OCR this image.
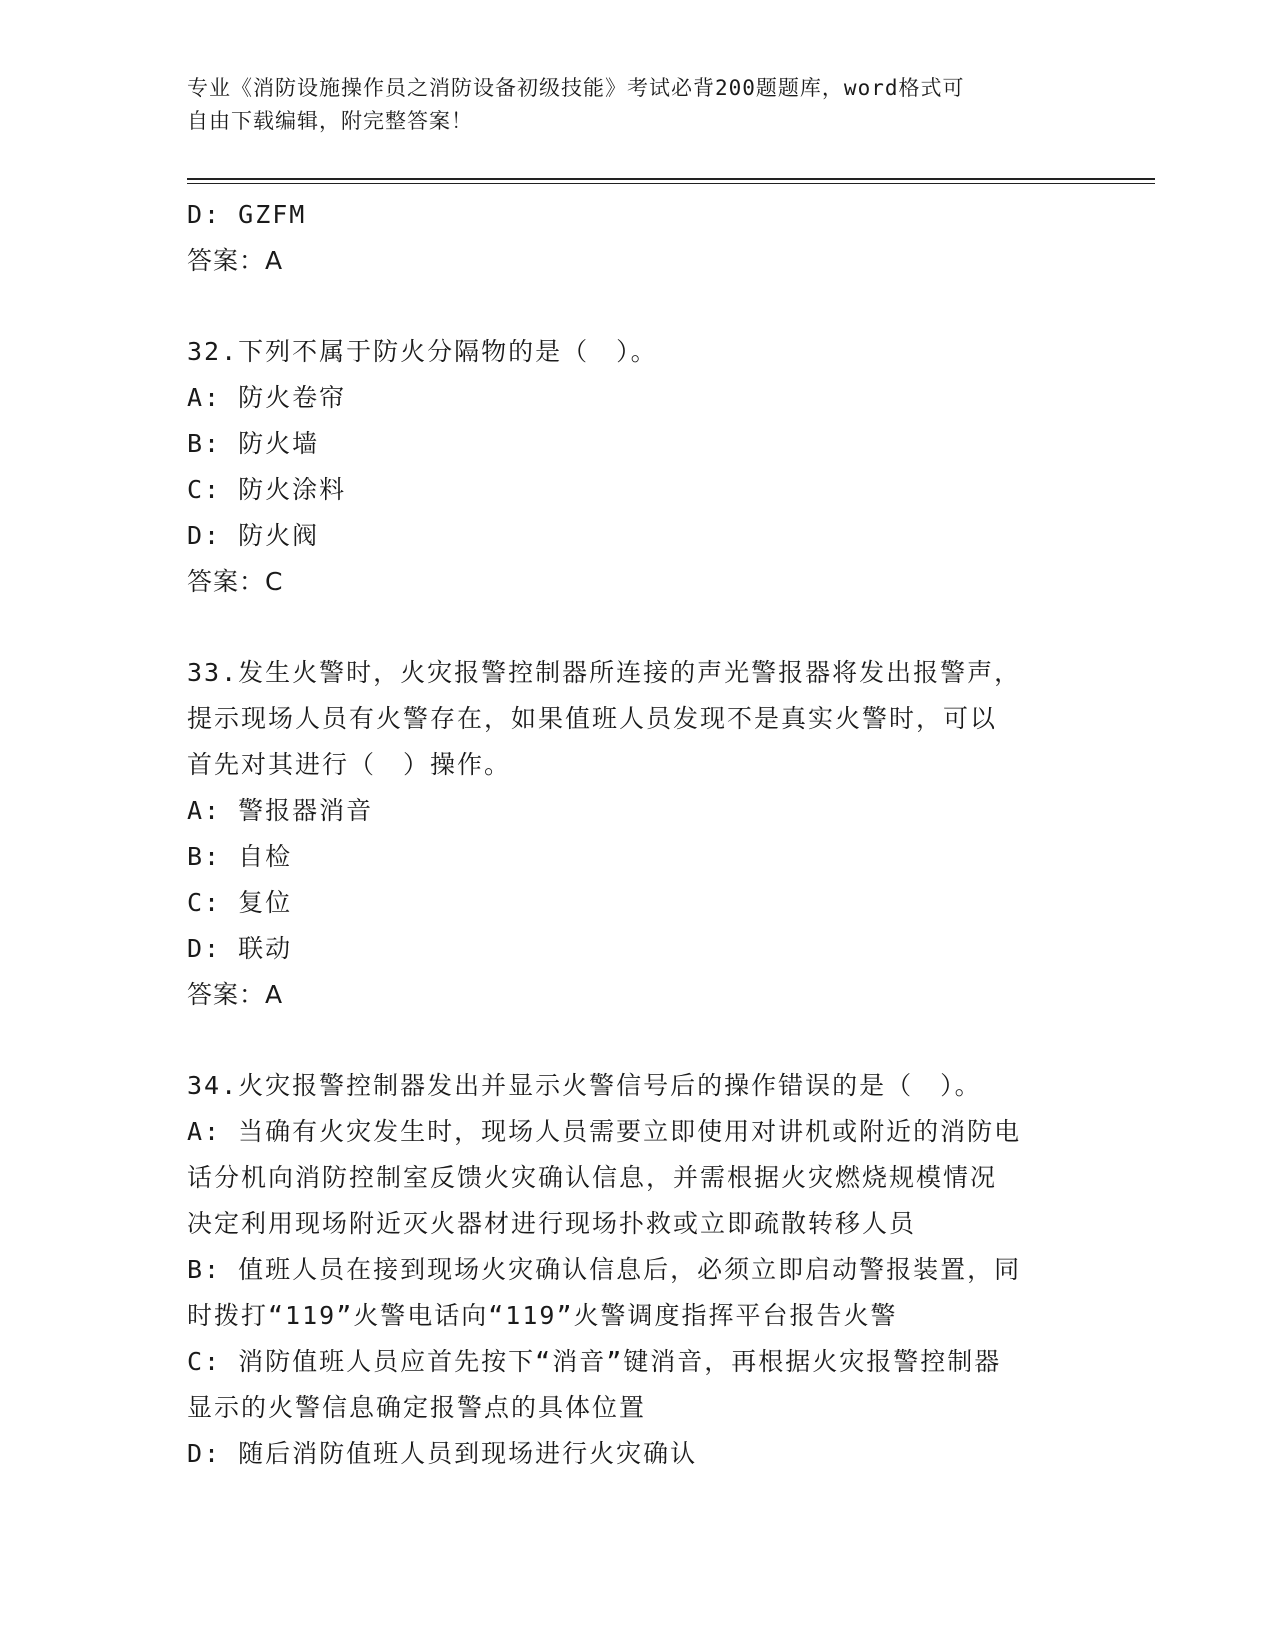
专业《消防设施操作员之消防设备初级技能》考试必背200题题库，word格式可
自由下载编辑，附完整答案！
D: GZFM
答案：A
32.下列不属于防火分隔物的是（　）。
A: 防火卷帘
B: 防火墙
C: 防火涂料
D: 防火阀
答案：C
33.发生火警时，火灾报警控制器所连接的声光警报器将发出报警声，
提示现场人员有火警存在，如果值班人员发现不是真实火警时，可以
首先对其进行（　）操作。
A: 警报器消音
B: 自检
C: 复位
D: 联动
答案：A
34.火灾报警控制器发出并显示火警信号后的操作错误的是（　）。
A: 当确有火灾发生时，现场人员需要立即使用对讲机或附近的消防电
话分机向消防控制室反馈火灾确认信息，并需根据火灾燃烧规模情况
决定利用现场附近灭火器材进行现场扑救或立即疏散转移人员
B: 值班人员在接到现场火灾确认信息后，必须立即启动警报装置，同
时拨打“119”火警电话向“119”火警调度指挥平台报告火警
C: 消防值班人员应首先按下“消音”键消音，再根据火灾报警控制器
显示的火警信息确定报警点的具体位置
D: 随后消防值班人员到现场进行火灾确认
